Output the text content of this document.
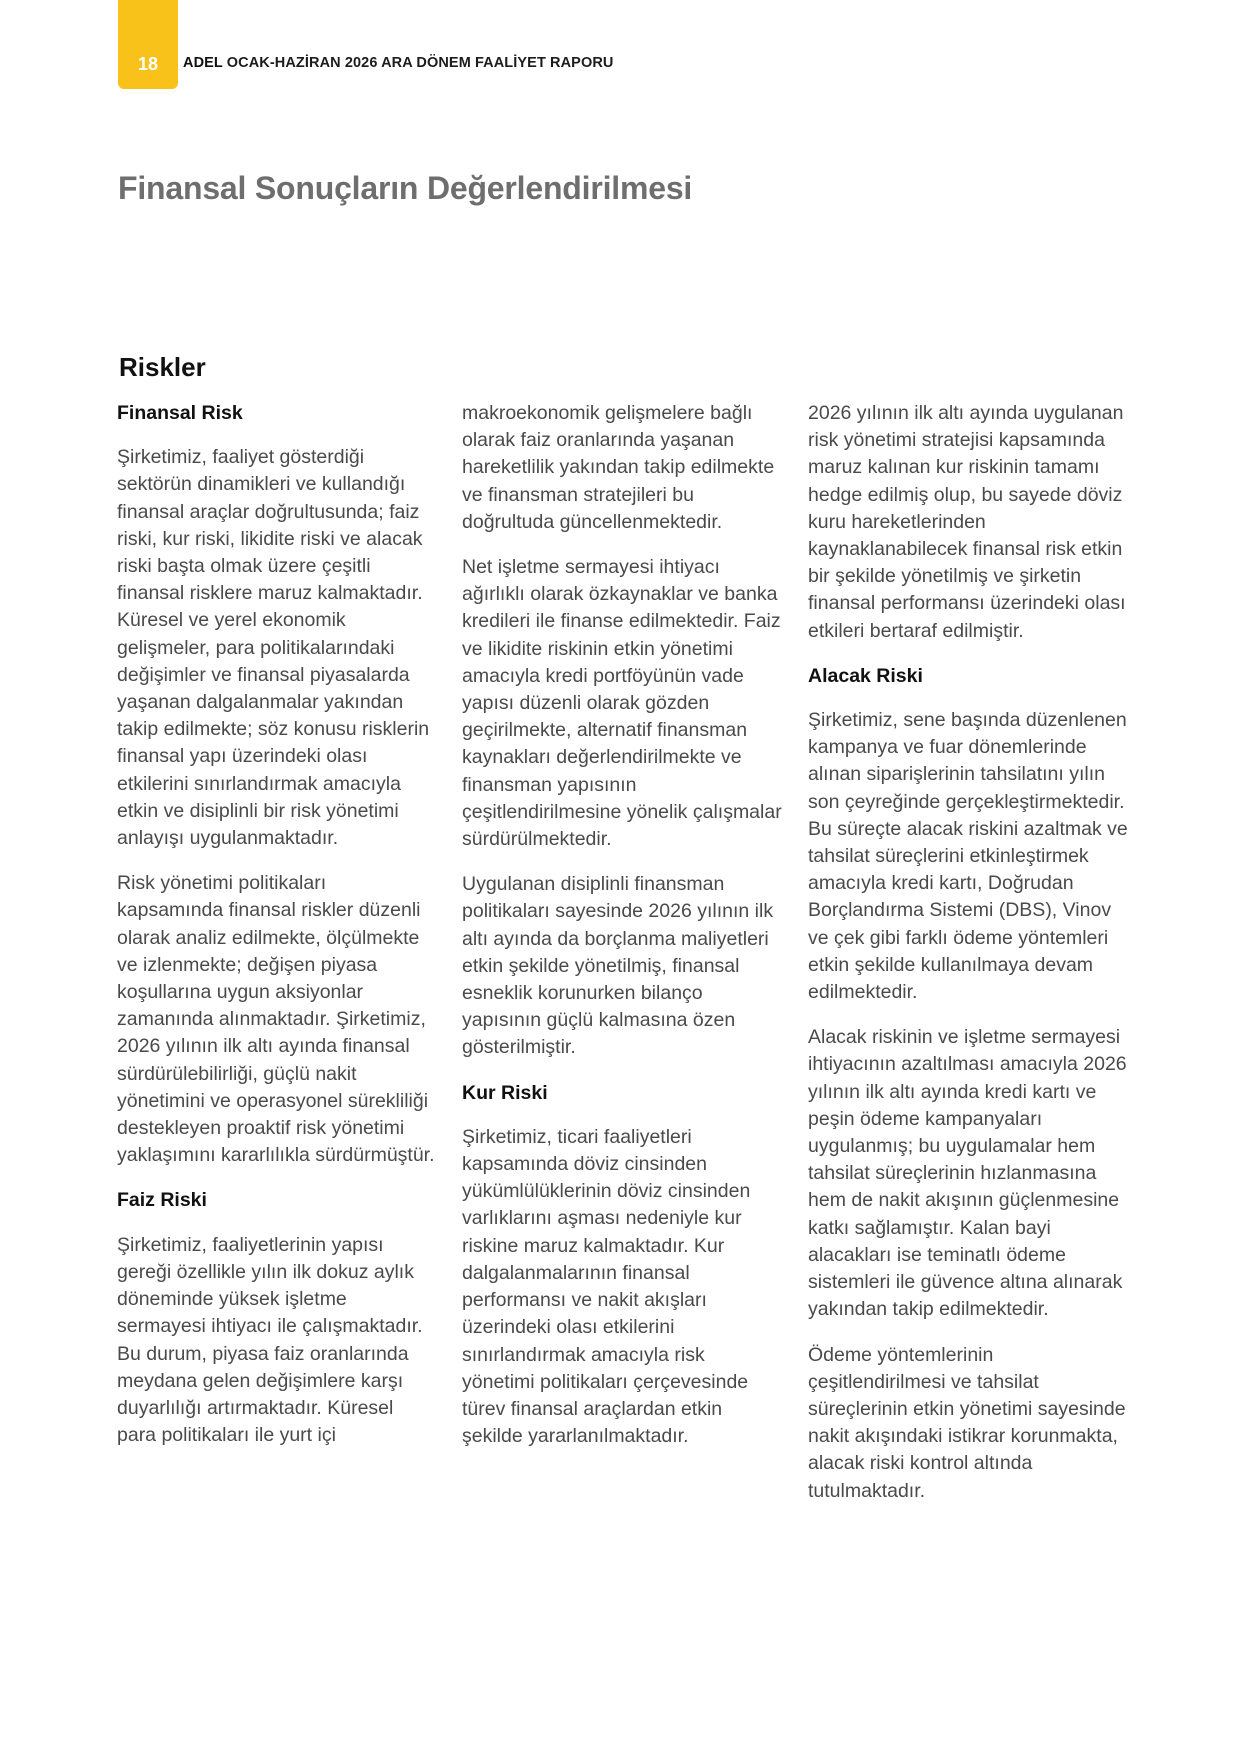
18	ADEL OCAK-HAZİRAN 2026 ARA DÖNEM FAALİYET RAPORU
Finansal Sonuçların Değerlendirilmesi
Riskler
Finansal Risk

Şirketimiz, faaliyet gösterdiği sektörün dinamikleri ve kullandığı finansal araçlar doğrultusunda; faiz riski, kur riski, likidite riski ve alacak riski başta olmak üzere çeşitli finansal risklere maruz kalmaktadır. Küresel ve yerel ekonomik gelişmeler, para politikalarındaki değişimler ve finansal piyasalarda yaşanan dalgalanmalar yakından takip edilmekte; söz konusu risklerin finansal yapı üzerindeki olası etkilerini sınırlandırmak amacıyla etkin ve disiplinli bir risk yönetimi anlayışı uygulanmaktadır.

Risk yönetimi politikaları kapsamında finansal riskler düzenli olarak analiz edilmekte, ölçülmekte ve izlenmekte; değişen piyasa koşullarına uygun aksiyonlar zamanında alınmaktadır. Şirketimiz, 2026 yılının ilk altı ayında finansal sürdürülebilirliği, güçlü nakit yönetimini ve operasyonel sürekliliği destekleyen proaktif risk yönetimi yaklaşımını kararlılıkla sürdürmüştür.

Faiz Riski

Şirketimiz, faaliyetlerinin yapısı gereği özellikle yılın ilk dokuz aylık döneminde yüksek işletme sermayesi ihtiyacı ile çalışmaktadır. Bu durum, piyasa faiz oranlarında meydana gelen değişimlere karşı duyarlılığı artırmaktadır. Küresel para politikaları ile yurt içi

makroekonomik gelişmelere bağlı olarak faiz oranlarında yaşanan hareketlilik yakından takip edilmekte ve finansman stratejileri bu doğrultuda güncellenmektedir.

Net işletme sermayesi ihtiyacı ağırlıklı olarak özkaynaklar ve banka kredileri ile finanse edilmektedir. Faiz ve likidite riskinin etkin yönetimi amacıyla kredi portföyünün vade yapısı düzenli olarak gözden geçirilmekte, alternatif finansman kaynakları değerlendirilmekte ve finansman yapısının çeşitlendirilmesine yönelik çalışmalar sürdürülmektedir.

Uygulanan disiplinli finansman politikaları sayesinde 2026 yılının ilk altı ayında da borçlanma maliyetleri etkin şekilde yönetilmiş, finansal esneklik korunurken bilanço yapısının güçlü kalmasına özen gösterilmiştir.

Kur Riski

Şirketimiz, ticari faaliyetleri kapsamında döviz cinsinden yükümlülüklerinin döviz cinsinden varlıklarını aşması nedeniyle kur riskine maruz kalmaktadır. Kur dalgalanmalarının finansal performansı ve nakit akışları üzerindeki olası etkilerini sınırlandırmak amacıyla risk yönetimi politikaları çerçevesinde türev finansal araçlardan etkin şekilde yararlanılmaktadır.

2026 yılının ilk altı ayında uygulanan risk yönetimi stratejisi kapsamında maruz kalınan kur riskinin tamamı hedge edilmiş olup, bu sayede döviz kuru hareketlerinden kaynaklanabilecek finansal risk etkin bir şekilde yönetilmiş ve şirketin finansal performansı üzerindeki olası etkileri bertaraf edilmiştir.

Alacak Riski

Şirketimiz, sene başında düzenlenen kampanya ve fuar dönemlerinde alınan siparişlerinin tahsilatını yılın son çeyreğinde gerçekleştirmektedir. Bu süreçte alacak riskini azaltmak ve tahsilat süreçlerini etkinleştirmek amacıyla kredi kartı, Doğrudan Borçlandırma Sistemi (DBS), Vinov ve çek gibi farklı ödeme yöntemleri etkin şekilde kullanılmaya devam edilmektedir.

Alacak riskinin ve işletme sermayesi ihtiyacının azaltılması amacıyla 2026 yılının ilk altı ayında kredi kartı ve peşin ödeme kampanyaları uygulanmış; bu uygulamalar hem tahsilat süreçlerinin hızlanmasına hem de nakit akışının güçlenmesine katkı sağlamıştır. Kalan bayi alacakları ise teminatlı ödeme sistemleri ile güvence altına alınarak yakından takip edilmektedir.

Ödeme yöntemlerinin çeşitlendirilmesi ve tahsilat süreçlerinin etkin yönetimi sayesinde nakit akışındaki istikrar korunmakta, alacak riski kontrol altında tutulmaktadır.
